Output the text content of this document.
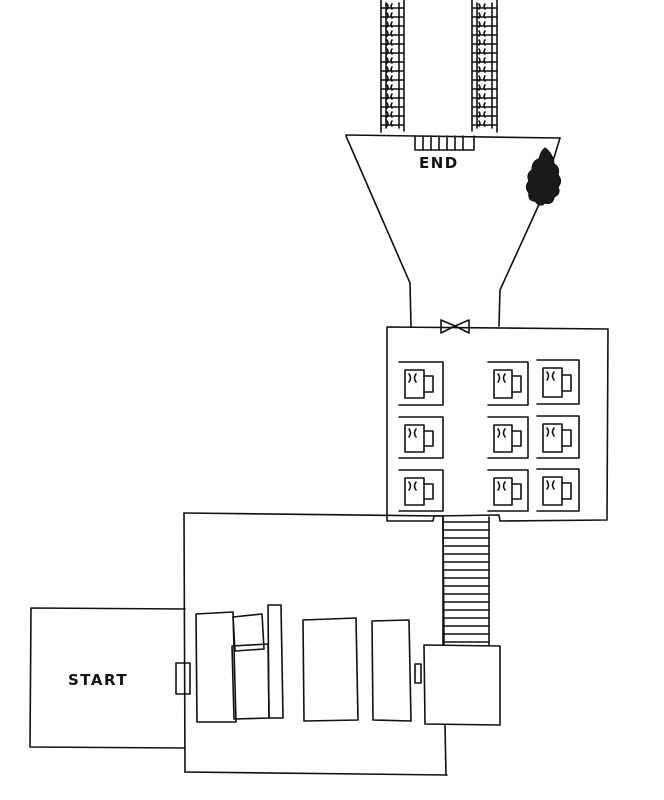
START
END
